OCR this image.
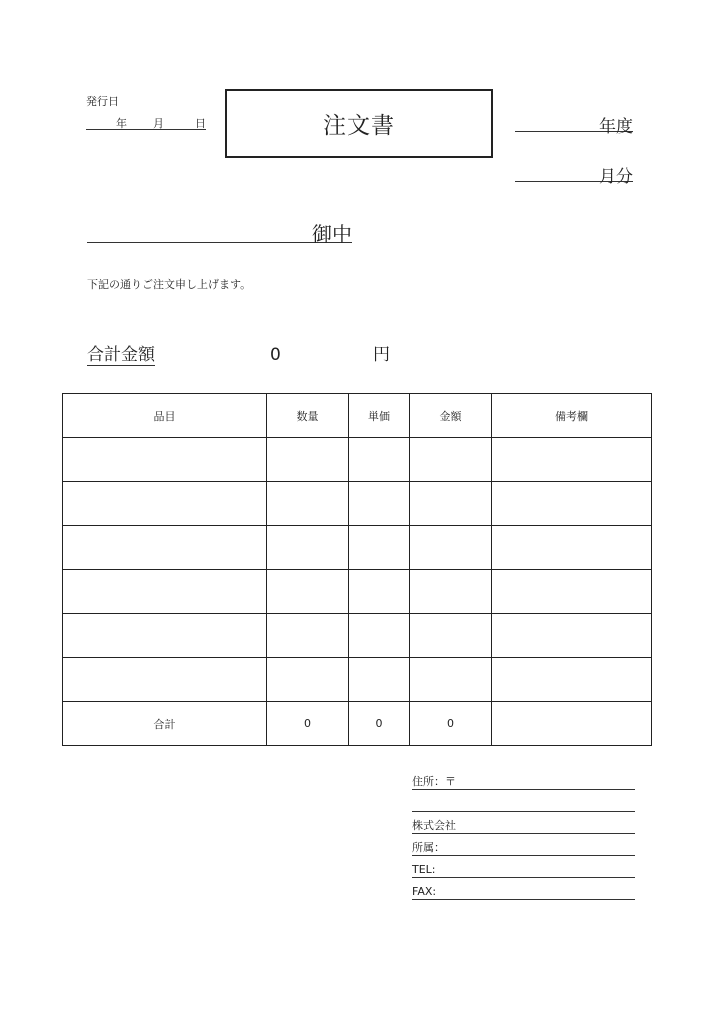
発行日
年 月	日	注文書	年度
月分
御中
下記の通りご注文申し上げます。
合計金額	0	円
品目	数量	単価	金額	備考欄

合計	0	0	0	
住所：〒
株式会社
所属：
TEL:
FAX:
